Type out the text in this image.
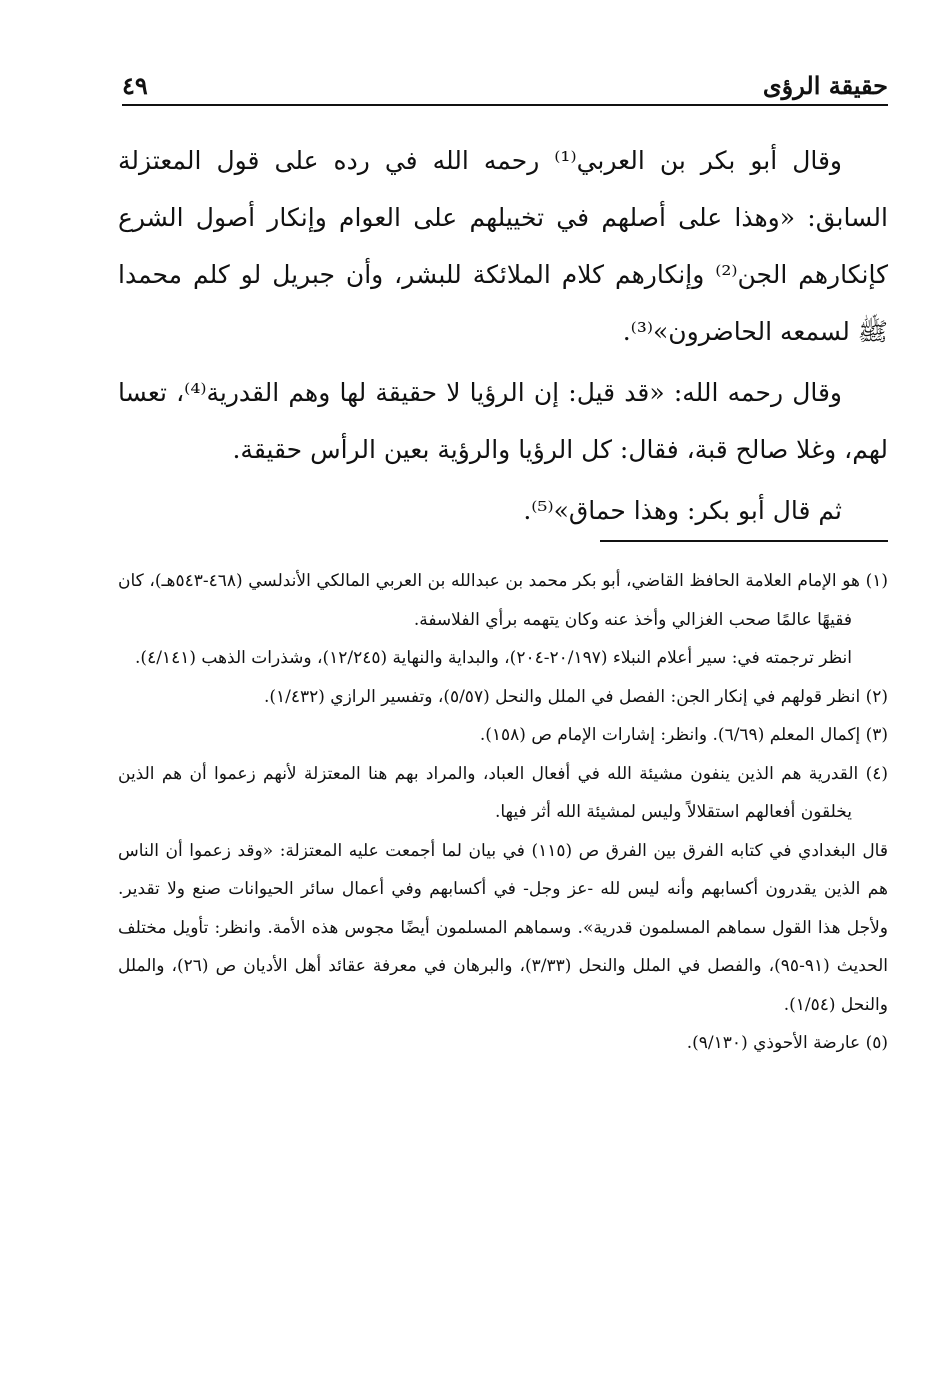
حقيقة الرؤى
٤٩

وقال أبو بكر بن العربي⁽¹⁾ رحمه الله في رده على قول المعتزلة السابق: «وهذا على أصلهم في تخييلهم على العوام وإنكار أصول الشرع كإنكارهم الجن⁽²⁾ وإنكارهم كلام الملائكة للبشر، وأن جبريل لو كلم محمدا ﷺ لسمعه الحاضرون»⁽³⁾.

وقال رحمه الله: «قد قيل: إن الرؤيا لا حقيقة لها وهم القدرية⁽⁴⁾، تعسا لهم، وغلا صالح قبة، فقال: كل الرؤيا والرؤية بعين الرأس حقيقة.

ثم قال أبو بكر: وهذا حماق»⁽⁵⁾.

(١) هو الإمام العلامة الحافظ القاضي، أبو بكر محمد بن عبدالله بن العربي المالكي الأندلسي (٤٦٨-٥٤٣هـ)، كان فقيهًا عالمًا صحب الغزالي وأخذ عنه وكان يتهمه برأي الفلاسفة.

انظر ترجمته في: سير أعلام النبلاء (٢٠/١٩٧-٢٠٤)، والبداية والنهاية (١٢/٢٤٥)، وشذرات الذهب (٤/١٤١).

(٢) انظر قولهم في إنكار الجن: الفصل في الملل والنحل (٥/٥٧)، وتفسير الرازي (١/٤٣٢).

(٣) إكمال المعلم (٦/٦٩). وانظر: إشارات الإمام ص (١٥٨).

(٤) القدرية هم الذين ينفون مشيئة الله في أفعال العباد، والمراد بهم هنا المعتزلة لأنهم زعموا أن هم الذين يخلقون أفعالهم استقلالاً وليس لمشيئة الله أثر فيها.

قال البغدادي في كتابه الفرق بين الفرق ص (١١٥) في بيان لما أجمعت عليه المعتزلة: «وقد زعموا أن الناس هم الذين يقدرون أكسابهم وأنه ليس لله -عز وجل- في أكسابهم وفي أعمال سائر الحيوانات صنع ولا تقدير. ولأجل هذا القول سماهم المسلمون قدرية». وسماهم المسلمون أيضًا مجوس هذه الأمة. وانظر: تأويل مختلف الحديث (٩١-٩٥)، والفصل في الملل والنحل (٣/٣٣)، والبرهان في معرفة عقائد أهل الأديان ص (٢٦)، والملل والنحل (١/٥٤).

(٥) عارضة الأحوذي (٩/١٣٠).
